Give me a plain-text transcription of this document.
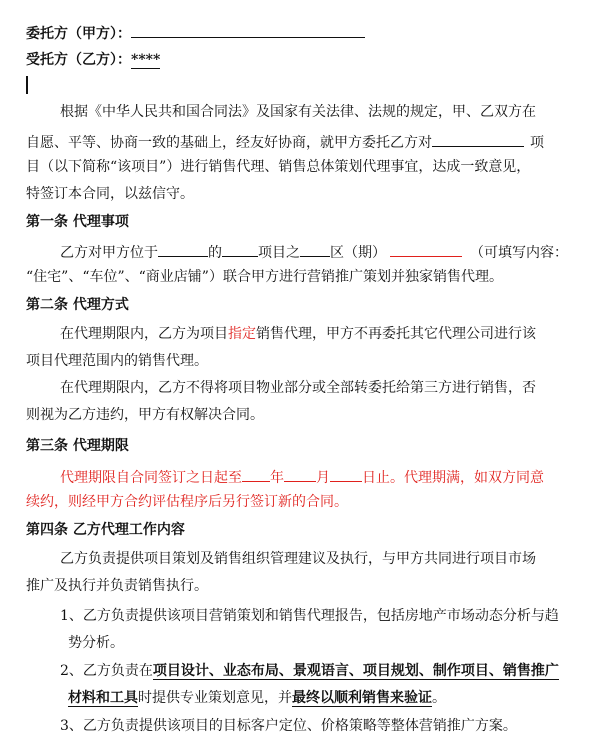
委托方（甲方）：
受托方（乙方）：****
根据《中华人民共和国合同法》及国家有关法律、法规的规定，甲、乙双方在
自愿、平等、协商一致的基础上，经友好协商，就甲方委托乙方对	项
目（以下简称“该项目”）进行销售代理、销售总体策划代理事宜，达成一致意见，
特签订本合同，以兹信守。
第一条 代理事项
乙方对甲方位于	的	项目之 区（期）	（可填写内容：
“住宅”、“车位”、“商业店铺”）联合甲方进行营销推广策划并独家销售代理。
第二条 代理方式
在代理期限内，乙方为项目指定销售代理，甲方不再委托其它代理公司进行该
项目代理范围内的销售代理。
在代理期限内，乙方不得将项目物业部分或全部转委托给第三方进行销售，否
则视为乙方违约，甲方有权解决合同。
第三条 代理期限
代理期限自合同签订之日起至 年 月 日止。代理期满，如双方同意
续约，则经甲方合约评估程序后另行签订新的合同。
第四条 乙方代理工作内容
乙方负责提供项目策划及销售组织管理建议及执行，与甲方共同进行项目市场
推广及执行并负责销售执行。
1、乙方负责提供该项目营销策划和销售代理报告，包括房地产市场动态分析与趋
势分析。
2、乙方负责在项目设计、业态布局、景观语言、项目规划、制作项目、销售推广
材料和工具时提供专业策划意见，并最终以顺利销售来验证。
3、乙方负责提供该项目的目标客户定位、价格策略等整体营销推广方案。
